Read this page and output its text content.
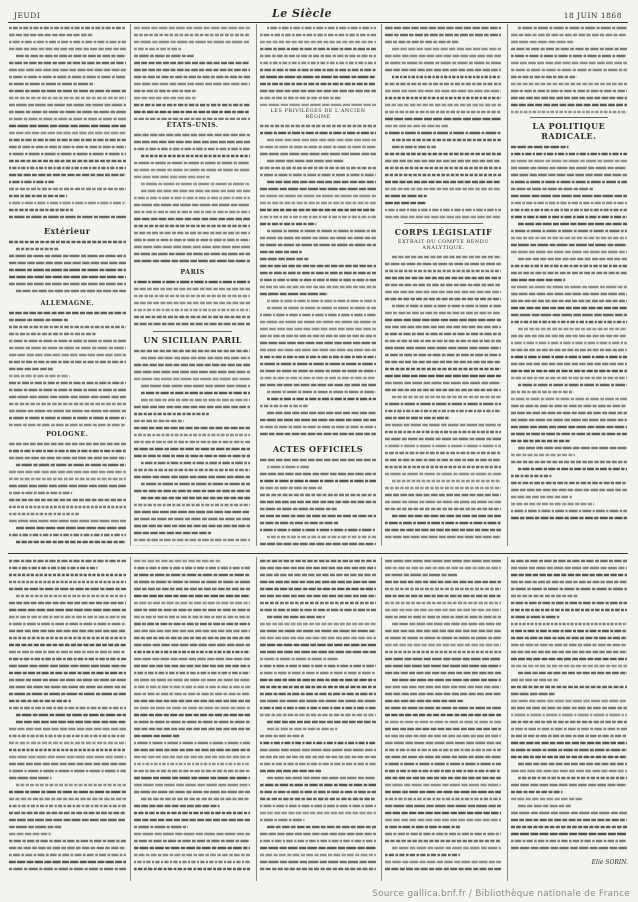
JEUDI	Le Siècle	18 JUIN 1868
Extérieur
ALLEMAGNE.
POLOGNE.
ÉTATS-UNIS.
PARIS
UN SICILIAN PARIL
LES PRIVILÈGES DE L'ANCIEN RÉGIME
ACTES OFFICIELS
CORPS LÉGISLATIF
EXTRAIT DU COMPTE RENDU ANALYTIQUE.
LA POLITIQUE RADICALE.
Elie SORIN.
Source gallica.bnf.fr / Bibliothèque nationale de France
